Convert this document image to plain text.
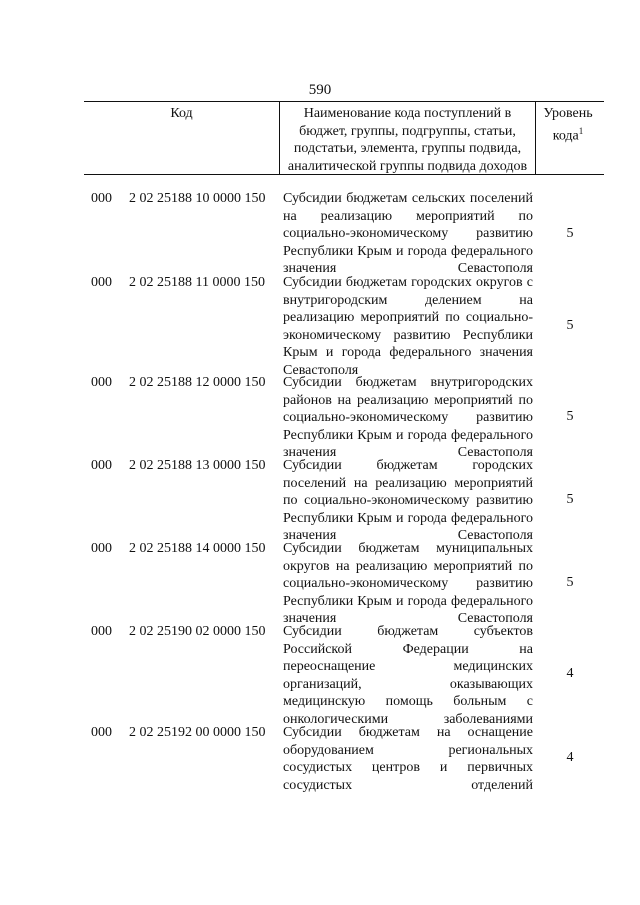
590
Код	Наименование кода поступлений в бюджет, группы, подгруппы, статьи, подстатьи, элемента, группы подвида, аналитической группы подвида доходов
Уровень кода$^1$
000 2 02 25188 10 0000 150 Субсидии бюджетам сельских поселений на реализацию мероприятий по социально-экономическому развитию Республики Крым и города федерального значения Севастополя
5
000 2 02 25188 11 0000 150 Субсидии бюджетам городских округов с внутригородским делением на реализацию мероприятий по социально-экономическому развитию Республики Крым и города федерального значения Севастополя
5
000 2 02 25188 12 0000 150 Субсидии бюджетам внутригородских районов на реализацию мероприятий по социально-экономическому развитию Республики Крым и города федерального значения Севастополя
5
000 2 02 25188 13 0000 150 Субсидии бюджетам городских поселений на реализацию мероприятий по социально-экономическому развитию Республики Крым и города федерального значения Севастополя
5
000 2 02 25188 14 0000 150 Субсидии бюджетам муниципальных округов на реализацию мероприятий по социально-экономическому развитию Республики Крым и города федерального значения Севастополя
5
000 2 02 25190 02 0000 150 Субсидии бюджетам субъектов Российской Федерации на переоснащение медицинских организаций, оказывающих медицинскую помощь больным с онкологическими заболеваниями
4
000 2 02 25192 00 0000 150 Субсидии бюджетам на оснащение оборудованием региональных сосудистых центров и первичных сосудистых отделений
4
